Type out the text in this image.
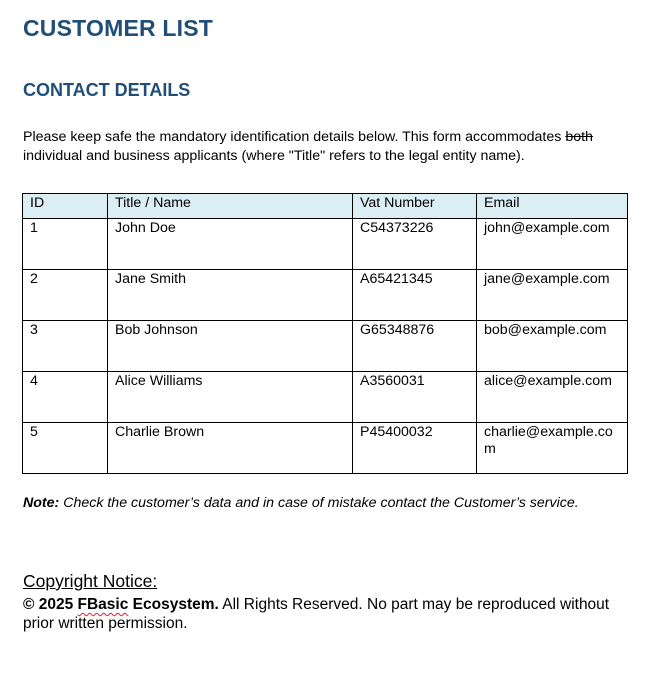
CUSTOMER LIST
CONTACT DETAILS

Please keep safe the mandatory identification details below. This form accommodates both individual and business applicants (where "Title" refers to the legal entity name).

ID	Title / Name	Vat Number	Email
1	John Doe	C54373226	john@example.com
2	Jane Smith	A65421345	jane@example.com
3	Bob Johnson	G65348876	bob@example.com
4	Alice Williams	A3560031	alice@example.com
5	Charlie Brown	P45400032	charlie@example.com

Note: Check the customer’s data and in case of mistake contact the Customer’s service.

Copyright Notice:

© 2025 FBasic Ecosystem. All Rights Reserved. No part may be reproduced without prior written permission.
